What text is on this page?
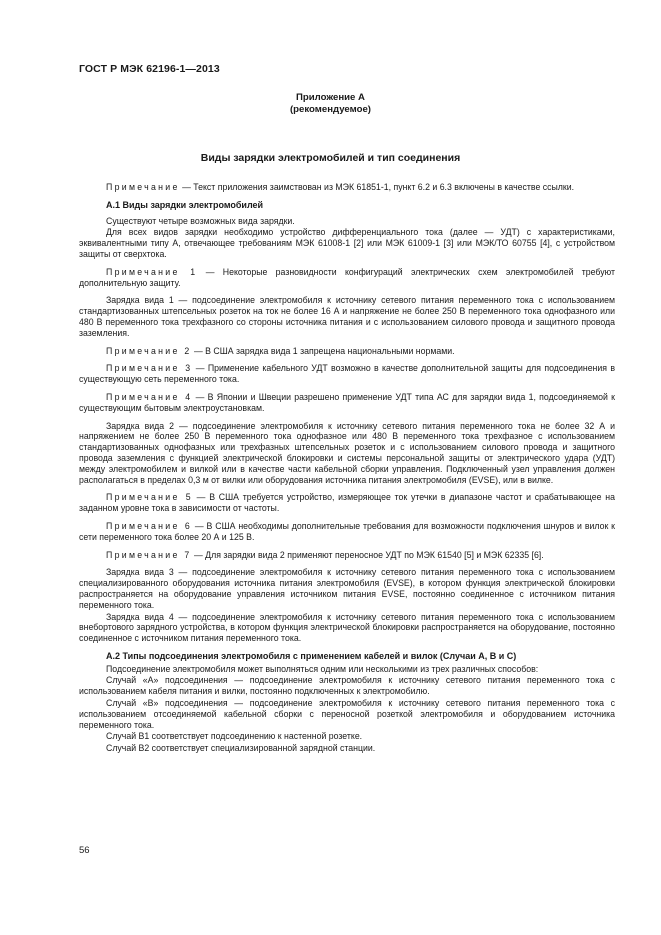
ГОСТ Р МЭК 62196-1—2013
Приложение А
(рекомендуемое)
Виды зарядки электромобилей и тип соединения

Примечание — Текст приложения заимствован из МЭК 61851-1, пункт 6.2 и 6.3 включены в качестве ссылки.

А.1 Виды зарядки электромобилей

Существуют четыре возможных вида зарядки.

Для всех видов зарядки необходимо устройство дифференциального тока (далее — УДТ) с характеристиками, эквивалентными типу А, отвечающее требованиям МЭК 61008-1 [2] или МЭК 61009-1 [3] или МЭК/ТО 60755 [4], с устройством защиты от сверхтока.

Примечание 1 — Некоторые разновидности конфигураций электрических схем электромобилей требуют дополнительную защиту.

Зарядка вида 1 — подсоединение электромобиля к источнику сетевого питания переменного тока с использованием стандартизованных штепсельных розеток на ток не более 16 А и напряжение не более 250 В переменного тока однофазного или 480 В переменного тока трехфазного со стороны источника питания и с использованием силового провода и защитного провода заземления.

Примечание 2 — В США зарядка вида 1 запрещена национальными нормами.

Примечание 3 — Применение кабельного УДТ возможно в качестве дополнительной защиты для подсоединения в существующую сеть переменного тока.

Примечание 4 — В Японии и Швеции разрешено применение УДТ типа АС для зарядки вида 1, подсоединяемой к существующим бытовым электроустановкам.

Зарядка вида 2 — подсоединение электромобиля к источнику сетевого питания переменного тока не более 32 А и напряжением не более 250 В переменного тока однофазное или 480 В переменного тока трехфазное с использованием стандартизованных однофазных или трехфазных штепсельных розеток и с использованием силового провода и защитного провода заземления с функцией электрической блокировки и системы персональной защиты от электрического удара (УДТ) между электромобилем и вилкой или в качестве части кабельной сборки управления. Подключенный узел управления должен располагаться в пределах 0,3 м от вилки или оборудования источника питания электромобиля (EVSE), или в вилке.

Примечание 5 — В США требуется устройство, измеряющее ток утечки в диапазоне частот и срабатывающее на заданном уровне тока в зависимости от частоты.

Примечание 6 — В США необходимы дополнительные требования для возможности подключения шнуров и вилок к сети переменного тока более 20 А и 125 В.

Примечание 7 — Для зарядки вида 2 применяют переносное УДТ по МЭК 61540 [5] и МЭК 62335 [6].

Зарядка вида 3 — подсоединение электромобиля к источнику сетевого питания переменного тока с использованием специализированного оборудования источника питания электромобиля (EVSE), в котором функция электрической блокировки распространяется на оборудование управления источником питания EVSE, постоянно соединенное с источником питания переменного тока.

Зарядка вида 4 — подсоединение электромобиля к источнику сетевого питания переменного тока с использованием внебортового зарядного устройства, в котором функция электрической блокировки распространяется на оборудование, постоянно соединенное с источником питания переменного тока.

А.2 Типы подсоединения электромобиля с применением кабелей и вилок (Случаи А, В и С)

Подсоединение электромобиля может выполняться одним или несколькими из трех различных способов:

Случай «А» подсоединения — подсоединение электромобиля к источнику сетевого питания переменного тока с использованием кабеля питания и вилки, постоянно подключенных к электромобилю.

Случай «В» подсоединения — подсоединение электромобиля к источнику сетевого питания переменного тока с использованием отсоединяемой кабельной сборки с переносной розеткой электромобиля и оборудованием источника переменного тока.

Случай В1 соответствует подсоединению к настенной розетке.

Случай В2 соответствует специализированной зарядной станции.

56
